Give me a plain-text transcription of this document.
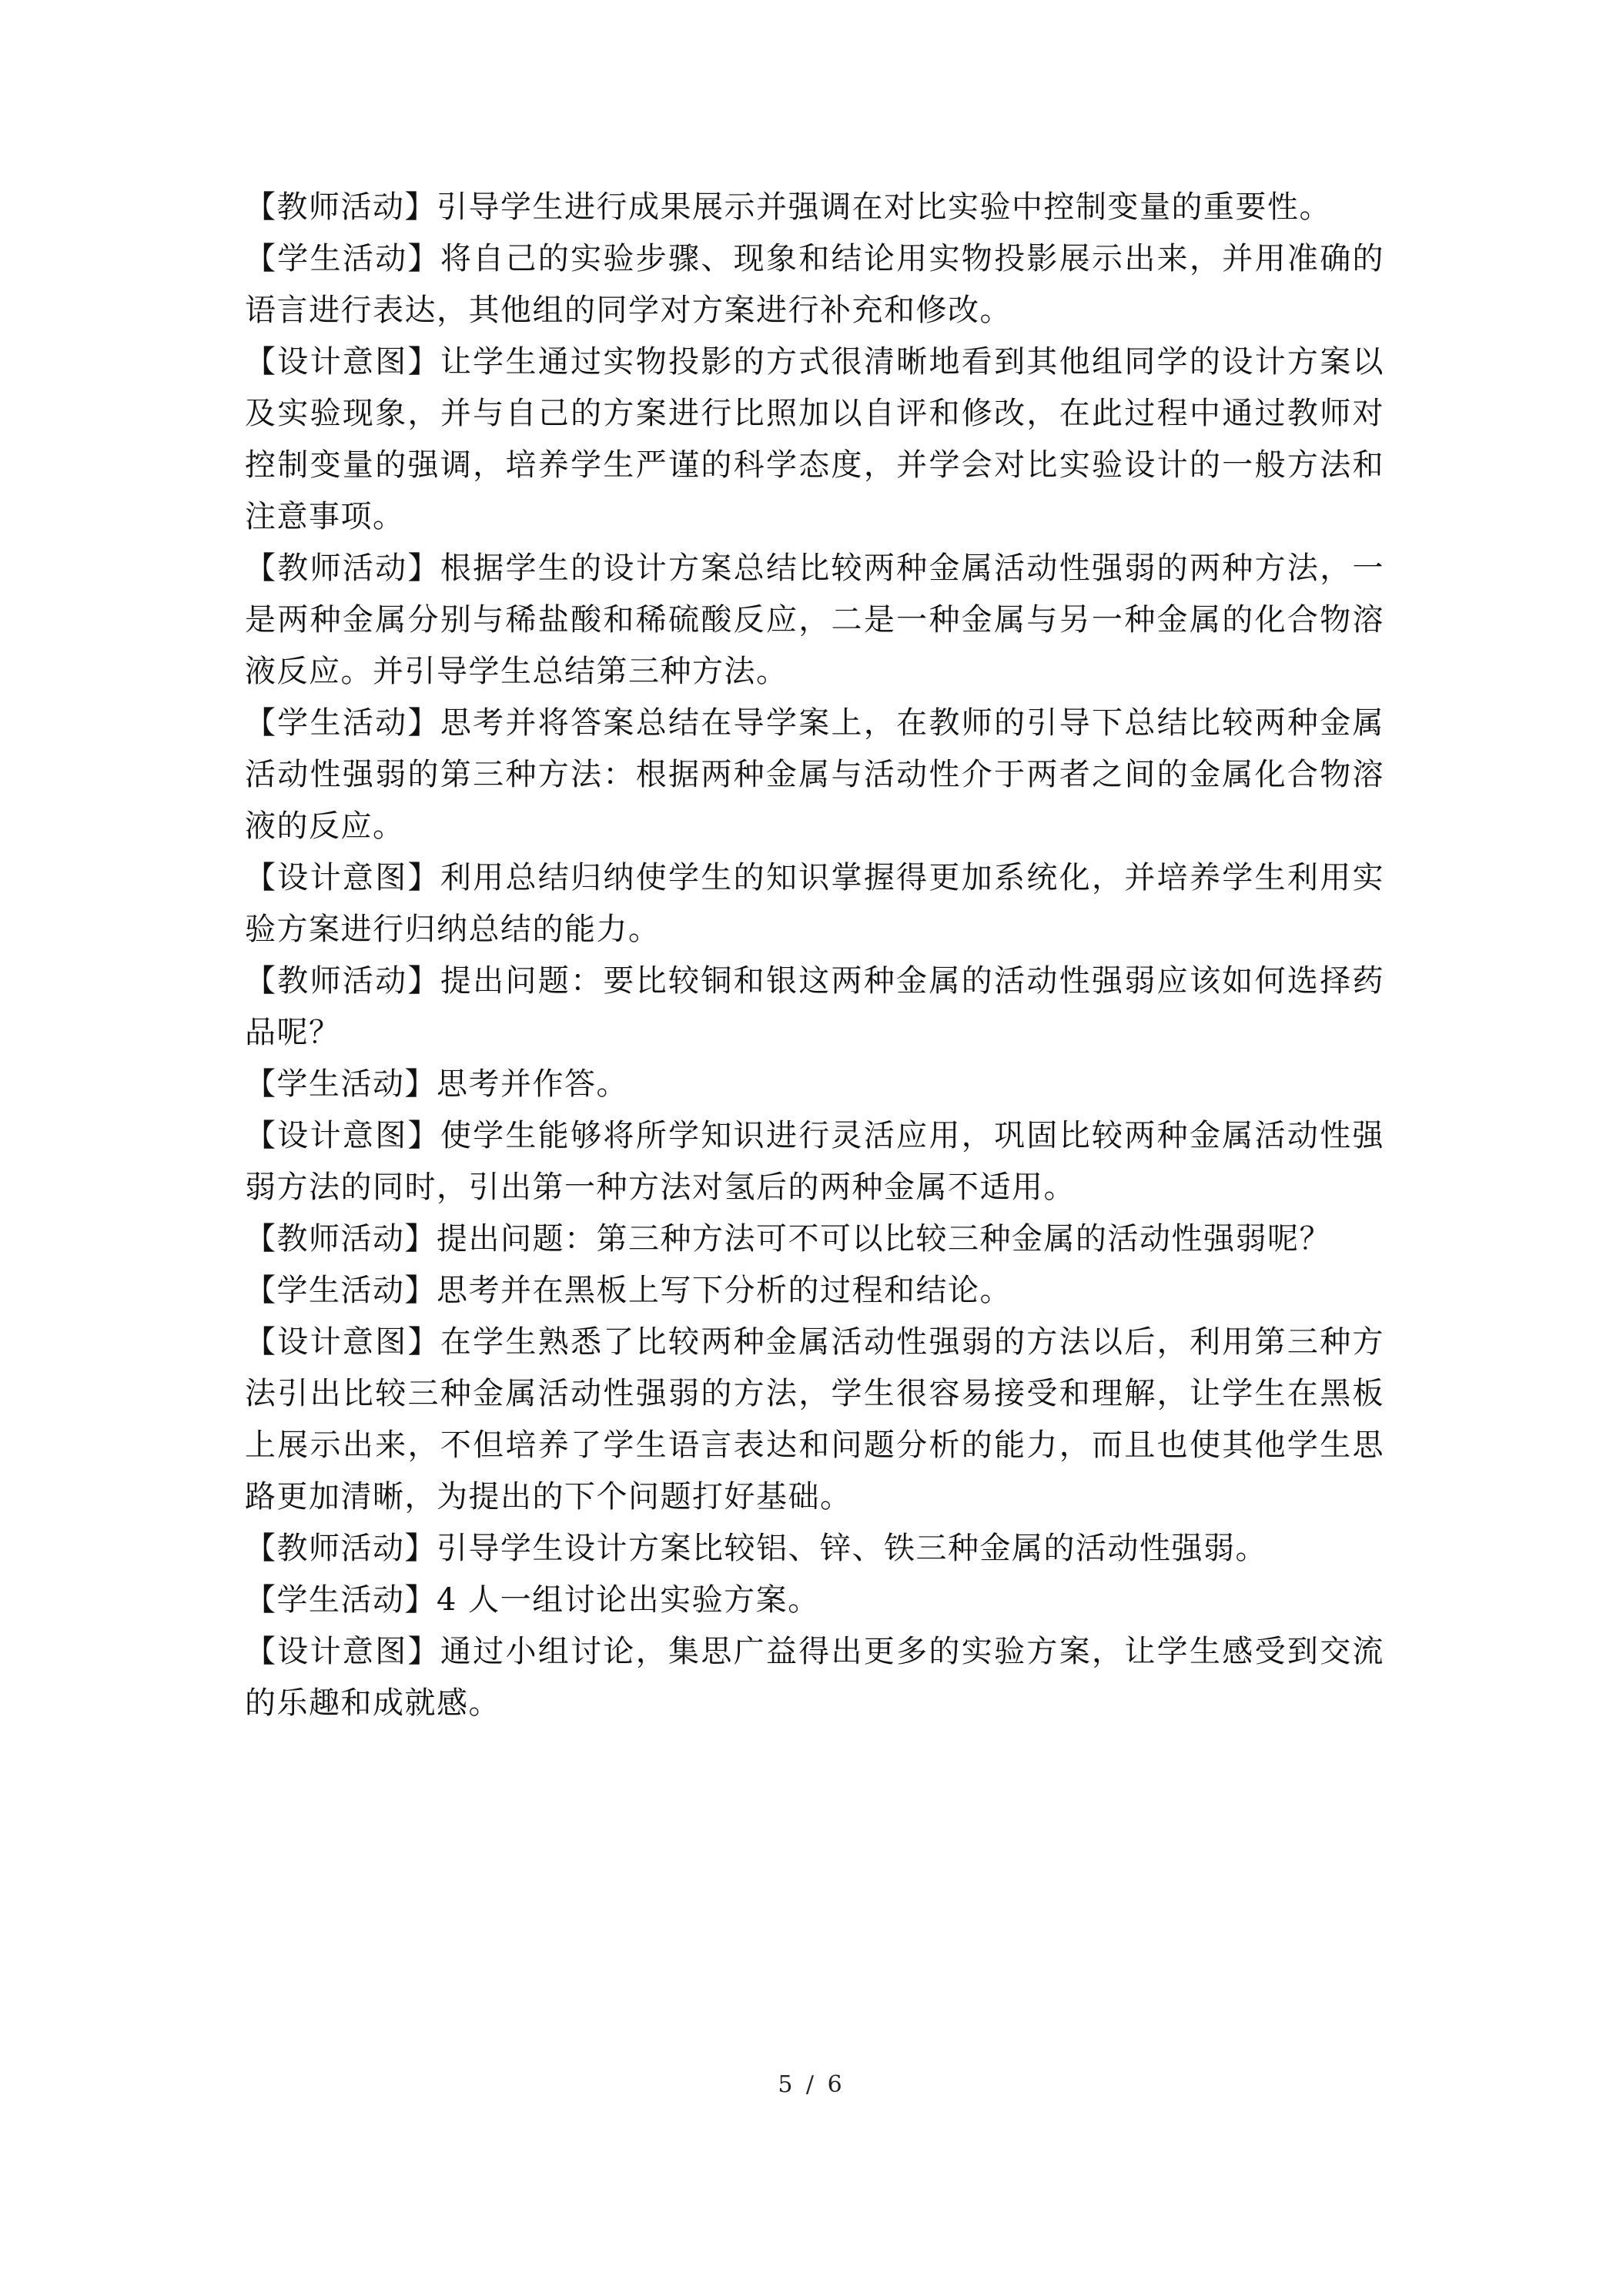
【教师活动】引导学生进行成果展示并强调在对比实验中控制变量的重要性。

【学生活动】将自己的实验步骤、现象和结论用实物投影展示出来，并用准确的语言进行表达，其他组的同学对方案进行补充和修改。

【设计意图】让学生通过实物投影的方式很清晰地看到其他组同学的设计方案以及实验现象，并与自己的方案进行比照加以自评和修改，在此过程中通过教师对控制变量的强调，培养学生严谨的科学态度，并学会对比实验设计的一般方法和注意事项。

【教师活动】根据学生的设计方案总结比较两种金属活动性强弱的两种方法，一是两种金属分别与稀盐酸和稀硫酸反应，二是一种金属与另一种金属的化合物溶液反应。并引导学生总结第三种方法。

【学生活动】思考并将答案总结在导学案上，在教师的引导下总结比较两种金属活动性强弱的第三种方法：根据两种金属与活动性介于两者之间的金属化合物溶液的反应。

【设计意图】利用总结归纳使学生的知识掌握得更加系统化，并培养学生利用实验方案进行归纳总结的能力。

【教师活动】提出问题：要比较铜和银这两种金属的活动性强弱应该如何选择药品呢？

【学生活动】思考并作答。

【设计意图】使学生能够将所学知识进行灵活应用，巩固比较两种金属活动性强弱方法的同时，引出第一种方法对氢后的两种金属不适用。

【教师活动】提出问题：第三种方法可不可以比较三种金属的活动性强弱呢？

【学生活动】思考并在黑板上写下分析的过程和结论。

【设计意图】在学生熟悉了比较两种金属活动性强弱的方法以后，利用第三种方法引出比较三种金属活动性强弱的方法，学生很容易接受和理解，让学生在黑板上展示出来，不但培养了学生语言表达和问题分析的能力，而且也使其他学生思路更加清晰，为提出的下个问题打好基础。

【教师活动】引导学生设计方案比较铝、锌、铁三种金属的活动性强弱。

【学生活动】4 人一组讨论出实验方案。

【设计意图】通过小组讨论，集思广益得出更多的实验方案，让学生感受到交流的乐趣和成就感。

5 / 6
